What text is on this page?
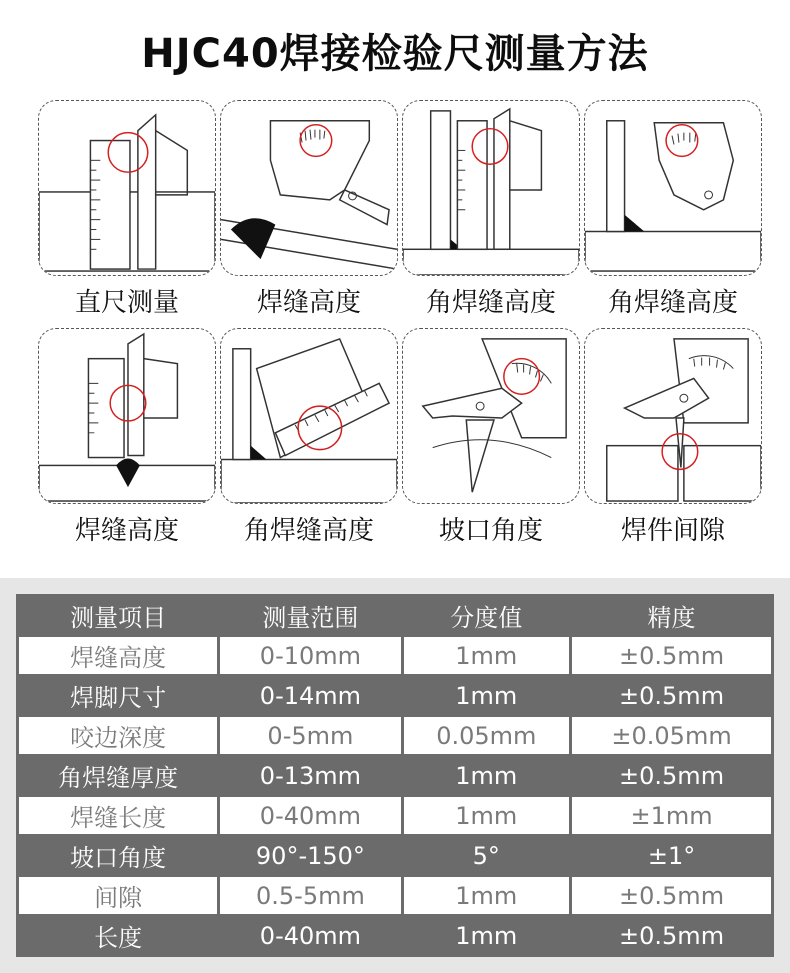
HJC40焊接检验尺测量方法
直尺测量	焊缝高度	角焊缝高度	角焊缝高度
焊缝高度	角焊缝高度	坡口角度	焊件间隙
测量项目	测量范围	分度值	精度
焊缝高度	0-10mm	1mm	±0.5mm
焊脚尺寸	0-14mm	1mm	±0.5mm
咬边深度	0-5mm	0.05mm	±0.05mm
角焊缝厚度	0-13mm	1mm	±0.5mm
焊缝长度	0-40mm	1mm	±1mm
坡口角度	90°-150°	5°	±1°
间隙	0.5-5mm	1mm	±0.5mm
长度	0-40mm	1mm	±0.5mm
